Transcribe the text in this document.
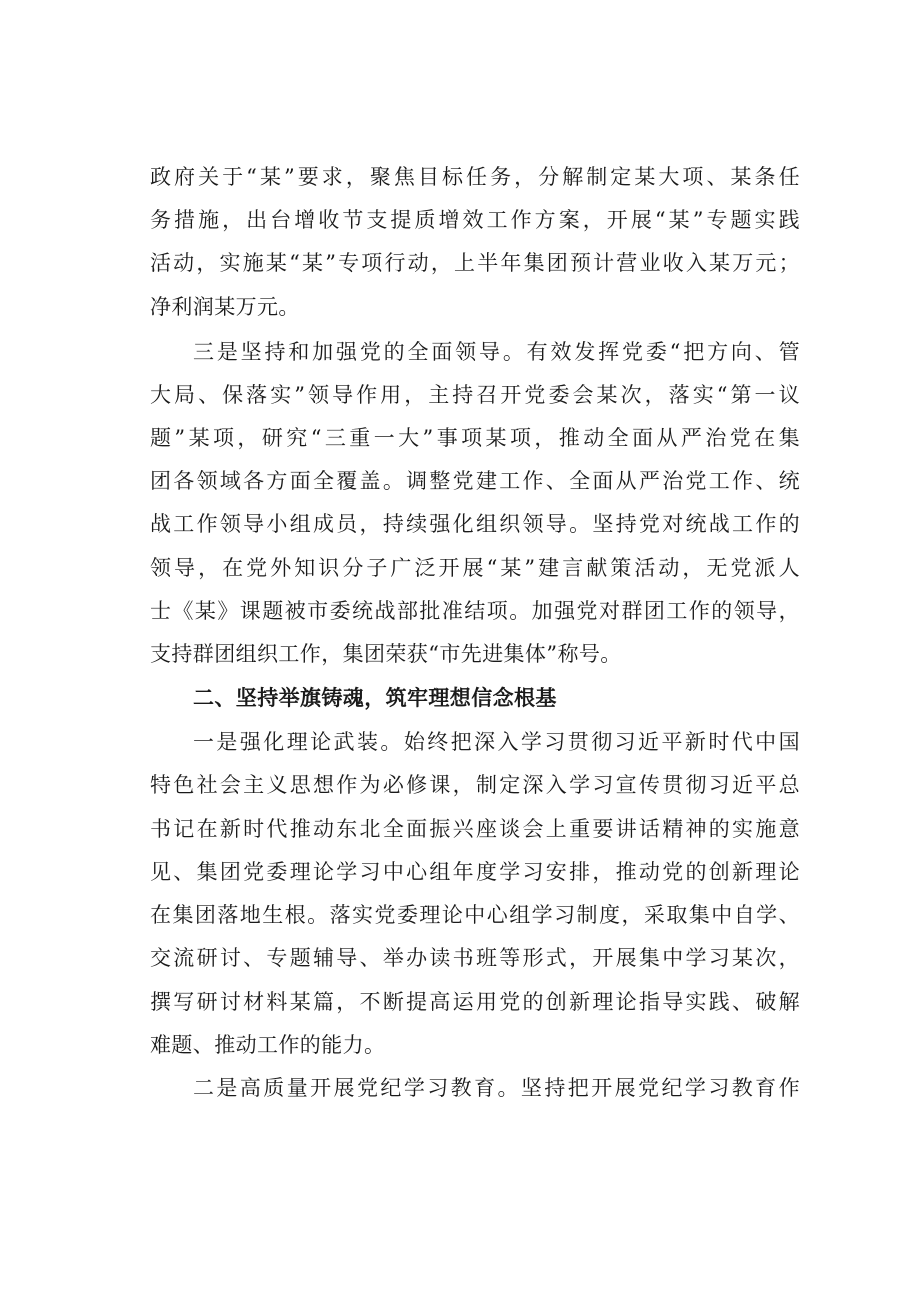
政府关于“某”要求，聚焦目标任务，分解制定某大项、某条任
务措施，出台增收节支提质增效工作方案，开展“某”专题实践
活动，实施某“某”专项行动，上半年集团预计营业收入某万元；
净利润某万元。
三是坚持和加强党的全面领导。有效发挥党委“把方向、管
大局、保落实”领导作用，主持召开党委会某次，落实“第一议
题”某项，研究“三重一大”事项某项，推动全面从严治党在集
团各领域各方面全覆盖。调整党建工作、全面从严治党工作、统
战工作领导小组成员，持续强化组织领导。坚持党对统战工作的
领导，在党外知识分子广泛开展“某”建言献策活动，无党派人
士《某》课题被市委统战部批准结项。加强党对群团工作的领导，
支持群团组织工作，集团荣获“市先进集体”称号。
二、坚持举旗铸魂，筑牢理想信念根基
一是强化理论武装。始终把深入学习贯彻习近平新时代中国
特色社会主义思想作为必修课，制定深入学习宣传贯彻习近平总
书记在新时代推动东北全面振兴座谈会上重要讲话精神的实施意
见、集团党委理论学习中心组年度学习安排，推动党的创新理论
在集团落地生根。落实党委理论中心组学习制度，采取集中自学、
交流研讨、专题辅导、举办读书班等形式，开展集中学习某次，
撰写研讨材料某篇，不断提高运用党的创新理论指导实践、破解
难题、推动工作的能力。
二是高质量开展党纪学习教育。坚持把开展党纪学习教育作
